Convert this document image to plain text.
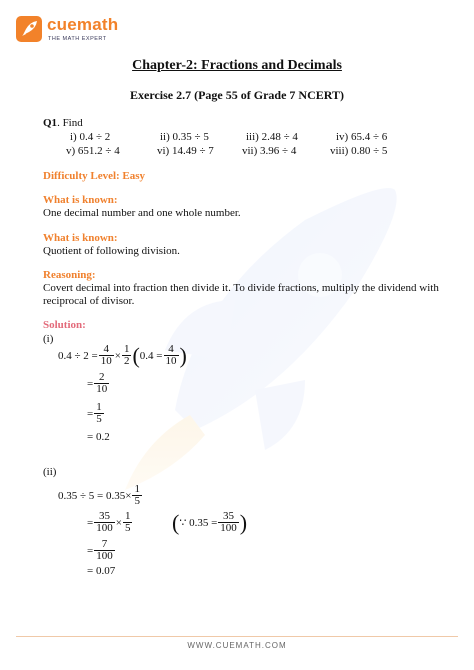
cuemath
THE MATH EXPERT
Chapter-2: Fractions and Decimals
Exercise 2.7 (Page 55 of Grade 7 NCERT)
Q1. Find
i) 0.4 ÷ 2	ii) 0.35 ÷ 5	iii) 2.48 ÷ 4	iv) 65.4 ÷ 6
v) 651.2 ÷ 4	vi) 14.49 ÷ 7	vii) 3.96 ÷ 4	viii) 0.80 ÷ 5
Difficulty Level: Easy
What is known:
One decimal number and one whole number.
What is known:
Quotient of following division.
Reasoning:
Covert decimal into fraction then divide it. To divide fractions, multiply the dividend with
reciprocal of divisor.
Solution:
(i)
$0.4 \div 2 = \frac{4}{10} \times \frac{1}{2}$ ( $0.4 = \frac{4}{10}$ )
= $\frac{2}{10}$
= $\frac{1}{5}$
= 0.2
(ii)
$0.35 \div 5 = 0.35\times \frac{1}{5}$
= $\frac{35}{100} \times \frac{1}{5}$ ( ∵ $0.35 = \frac{35}{100}$ )
= $\frac{7}{100}$
= 0.07
WWW.CUEMATH.COM
